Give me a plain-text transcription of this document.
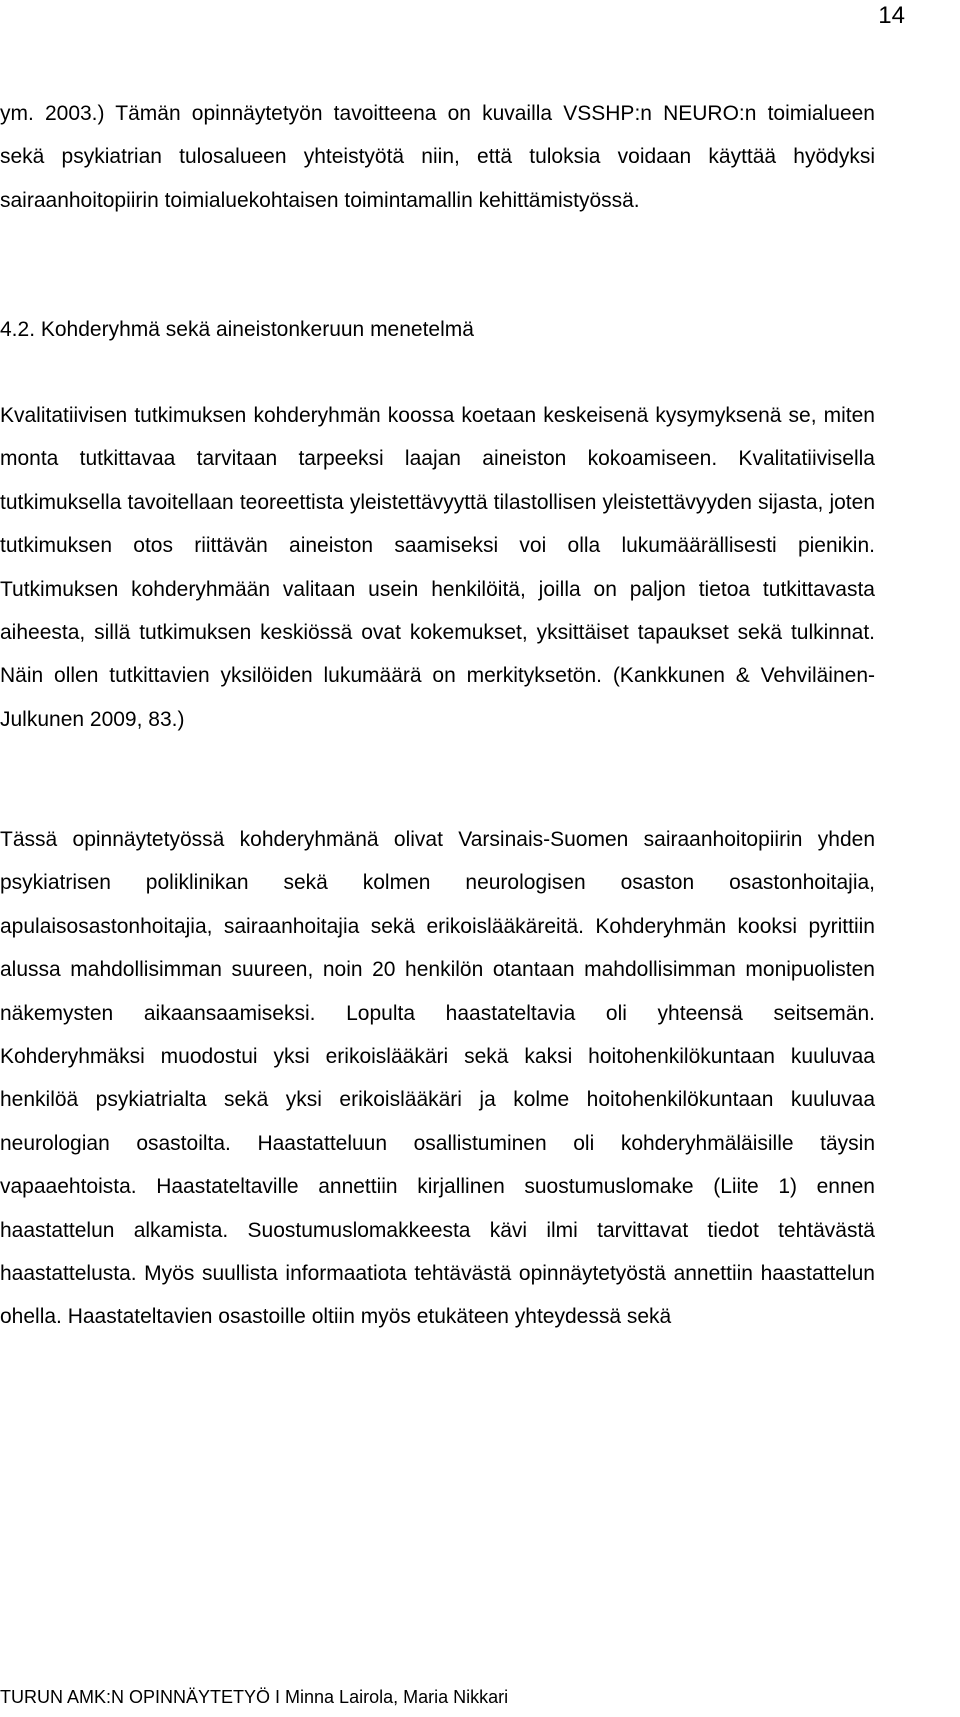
14

ym. 2003.) Tämän opinnäytetyön tavoitteena on kuvailla VSSHP:n NEURO:n toimialueen sekä psykiatrian tulosalueen yhteistyötä niin, että tuloksia voidaan käyttää hyödyksi sairaanhoitopiirin toimialuekohtaisen toimintamallin kehittämistyössä.

4.2. Kohderyhmä sekä aineistonkeruun menetelmä

Kvalitatiivisen tutkimuksen kohderyhmän koossa koetaan keskeisenä kysymyksenä se, miten monta tutkittavaa tarvitaan tarpeeksi laajan aineiston kokoamiseen. Kvalitatiivisella tutkimuksella tavoitellaan teoreettista yleistettävyyttä tilastollisen yleistettävyyden sijasta, joten tutkimuksen otos riittävän aineiston saamiseksi voi olla lukumäärällisesti pienikin. Tutkimuksen kohderyhmään valitaan usein henkilöitä, joilla on paljon tietoa tutkittavasta aiheesta, sillä tutkimuksen keskiössä ovat kokemukset, yksittäiset tapaukset sekä tulkinnat. Näin ollen tutkittavien yksilöiden lukumäärä on merkityksetön. (Kankkunen & Vehviläinen-Julkunen 2009, 83.)

Tässä opinnäytetyössä kohderyhmänä olivat Varsinais-Suomen sairaanhoitopiirin yhden psykiatrisen poliklinikan sekä kolmen neurologisen osaston osastonhoitajia, apulaisosastonhoitajia, sairaanhoitajia sekä erikoislääkäreitä. Kohderyhmän kooksi pyrittiin alussa mahdollisimman suureen, noin 20 henkilön otantaan mahdollisimman monipuolisten näkemysten aikaansaamiseksi. Lopulta haastateltavia oli yhteensä seitsemän. Kohderyhmäksi muodostui yksi erikoislääkäri sekä kaksi hoitohenkilökuntaan kuuluvaa henkilöä psykiatrialta sekä yksi erikoislääkäri ja kolme hoitohenkilökuntaan kuuluvaa neurologian osastoilta. Haastatteluun osallistuminen oli kohderyhmäläisille täysin vapaaehtoista. Haastateltaville annettiin kirjallinen suostumuslomake (Liite 1) ennen haastattelun alkamista. Suostumuslomakkeesta kävi ilmi tarvittavat tiedot tehtävästä haastattelusta. Myös suullista informaatiota tehtävästä opinnäytetyöstä annettiin haastattelun ohella. Haastateltavien osastoille oltiin myös etukäteen yhteydessä sekä

TURUN AMK:N OPINNÄYTETYÖ I Minna Lairola, Maria Nikkari
